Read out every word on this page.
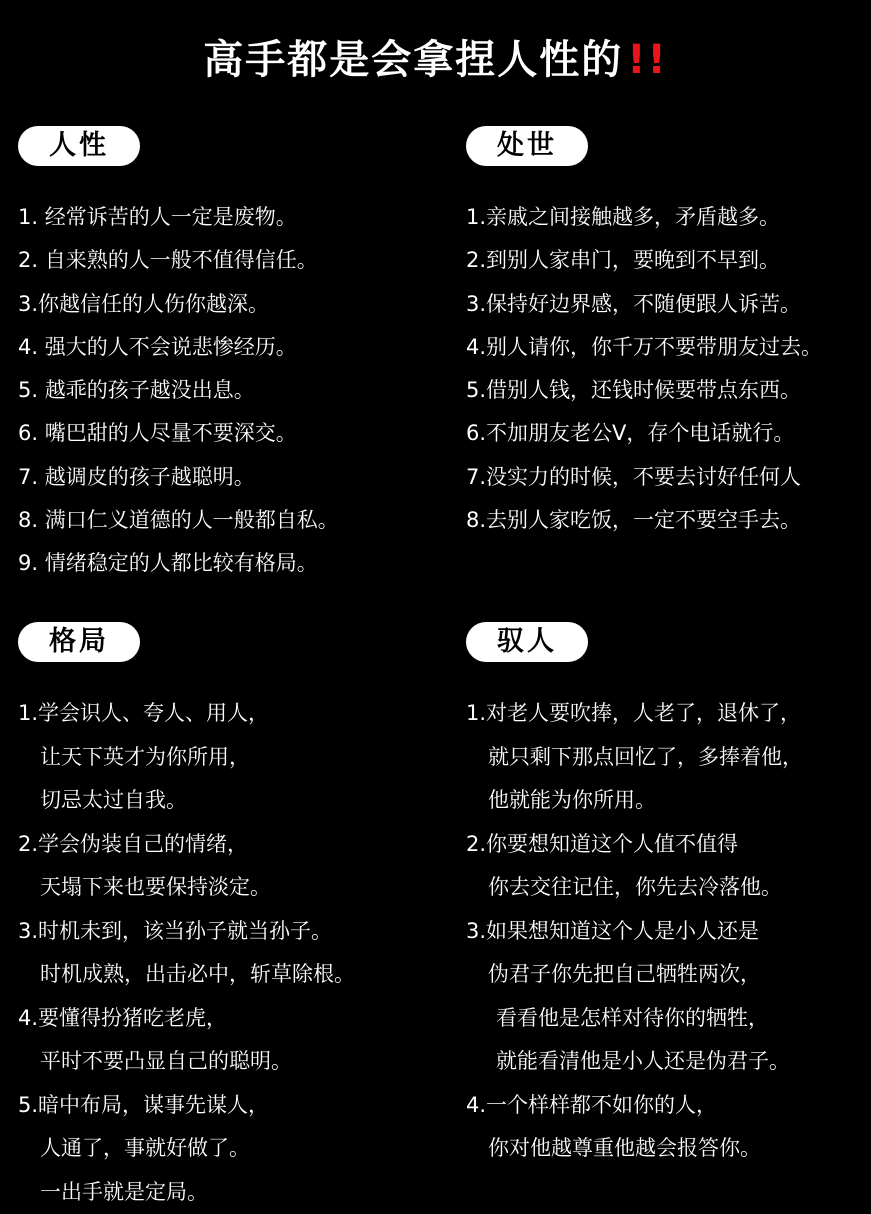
高手都是会拿捏人性的 !!
人性
1. 经常诉苦的人一定是废物。
2. 自来熟的人一般不值得信任。
3.你越信任的人伤你越深。
4. 强大的人不会说悲惨经历。
5. 越乖的孩子越没出息。
6. 嘴巴甜的人尽量不要深交。
7. 越调皮的孩子越聪明。
8. 满口仁义道德的人一般都自私。
9. 情绪稳定的人都比较有格局。
处世
1.亲戚之间接触越多，矛盾越多。
2.到别人家串门，要晚到不早到。
3.保持好边界感，不随便跟人诉苦。
4.别人请你，你千万不要带朋友过去。
5.借别人钱，还钱时候要带点东西。
6.不加朋友老公V，存个电话就行。
7.没实力的时候，不要去讨好任何人
8.去别人家吃饭，一定不要空手去。
格局
1.学会识人、夸人、用人，
让天下英才为你所用，
切忌太过自我。
2.学会伪装自己的情绪，
天塌下来也要保持淡定。
3.时机未到，该当孙子就当孙子。
时机成熟，出击必中，斩草除根。
4.要懂得扮猪吃老虎，
平时不要凸显自己的聪明。
5.暗中布局，谋事先谋人，
人通了，事就好做了。
一出手就是定局。
驭人
1.对老人要吹捧，人老了，退休了，
就只剩下那点回忆了，多捧着他，
他就能为你所用。
2.你要想知道这个人值不值得
你去交往记住，你先去冷落他。
3.如果想知道这个人是小人还是
伪君子你先把自己牺牲两次，
看看他是怎样对待你的牺牲，
就能看清他是小人还是伪君子。
4.一个样样都不如你的人，
你对他越尊重他越会报答你。
